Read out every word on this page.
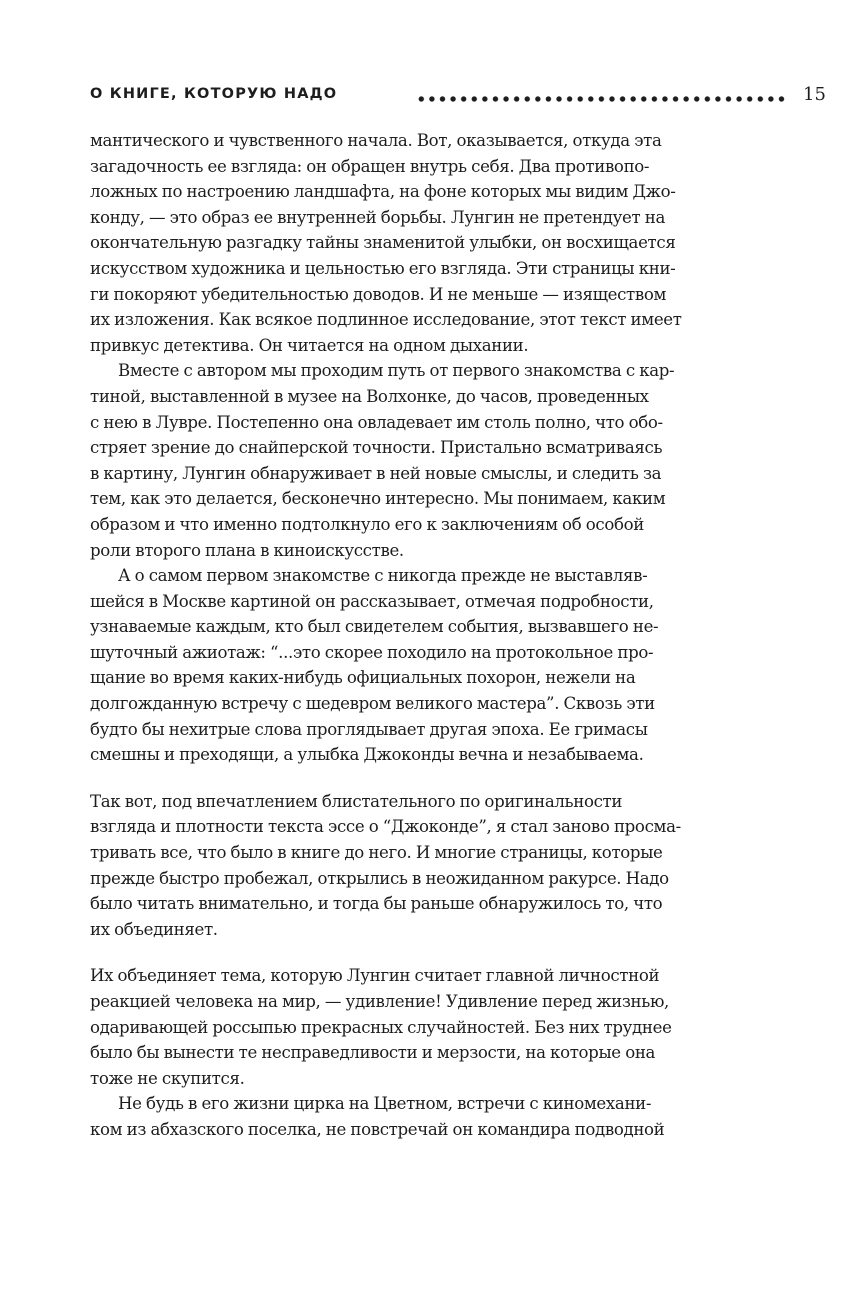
О КНИГЕ, КОТОРУЮ НАДО	15
мантического и чувственного начала. Вот, оказывается, откуда эта
загадочность ее взгляда: он обращен внутрь себя. Два противопо-
ложных по настроению ландшафта, на фоне которых мы видим Джо-
конду, — это образ ее внутренней борьбы. Лунгин не претендует на
окончательную разгадку тайны знаменитой улыбки, он восхищается
искусством художника и цельностью его взгляда. Эти страницы кни-
ги покоряют убедительностью доводов. И не меньше — изяществом
их изложения. Как всякое подлинное исследование, этот текст имеет
привкус детектива. Он читается на одном дыхании.
Вместе с автором мы проходим путь от первого знакомства с кар-
тиной, выставленной в музее на Волхонке, до часов, проведенных
с нею в Лувре. Постепенно она овладевает им столь полно, что обо-
стряет зрение до снайперской точности. Пристально всматриваясь
в картину, Лунгин обнаруживает в ней новые смыслы, и следить за
тем, как это делается, бесконечно интересно. Мы понимаем, каким
образом и что именно подтолкнуло его к заключениям об особой
роли второго плана в киноискусстве.
А о самом первом знакомстве с никогда прежде не выставляв-
шейся в Москве картиной он рассказывает, отмечая подробности,
узнаваемые каждым, кто был свидетелем события, вызвавшего не-
шуточный ажиотаж: “...это скорее походило на протокольное про-
щание во время каких-нибудь официальных похорон, нежели на
долгожданную встречу с шедевром великого мастера”. Сквозь эти
будто бы нехитрые слова проглядывает другая эпоха. Ее гримасы
смешны и преходящи, а улыбка Джоконды вечна и незабываема.
Так вот, под впечатлением блистательного по оригинальности
взгляда и плотности текста эссе о “Джоконде”, я стал заново просма-
тривать все, что было в книге до него. И многие страницы, которые
прежде быстро пробежал, открылись в неожиданном ракурсе. Надо
было читать внимательно, и тогда бы раньше обнаружилось то, что
их объединяет.
Их объединяет тема, которую Лунгин считает главной личностной
реакцией человека на мир, — удивление! Удивление перед жизнью,
одаривающей россыпью прекрасных случайностей. Без них труднее
было бы вынести те несправедливости и мерзости, на которые она
тоже не скупится.
Не будь в его жизни цирка на Цветном, встречи с киномехани-
ком из абхазского поселка, не повстречай он командира подводной
